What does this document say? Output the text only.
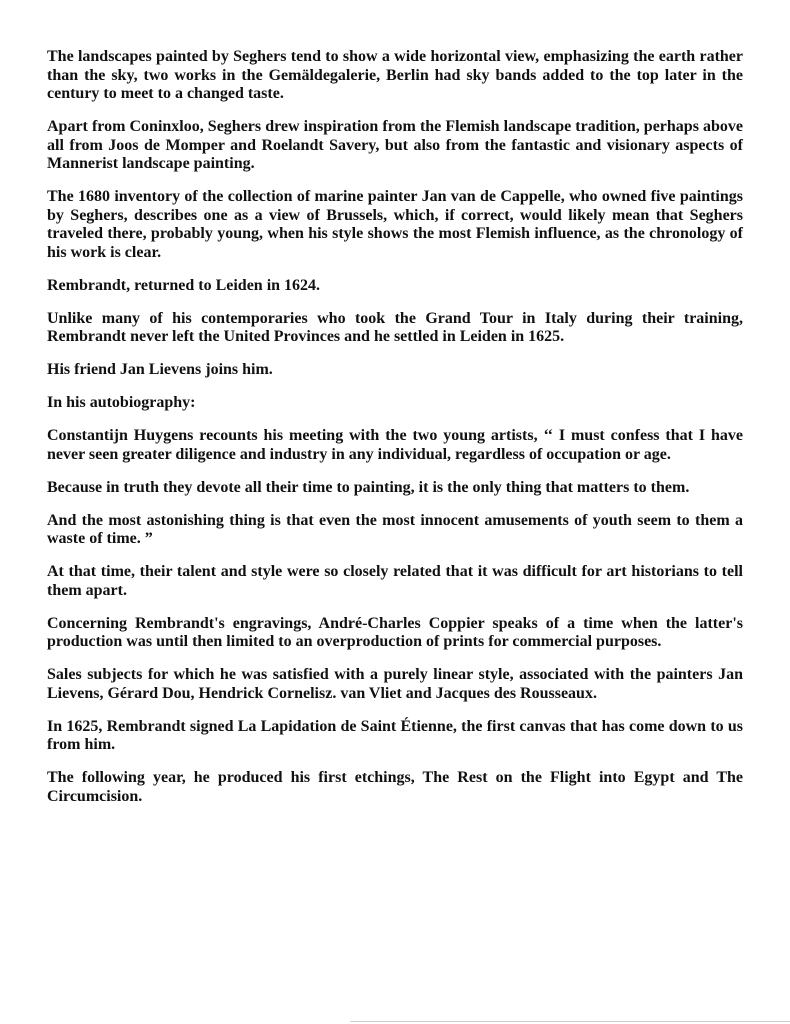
The landscapes painted by Seghers tend to show a wide horizontal view, emphasizing the earth rather than the sky, two works in the Gemäldegalerie, Berlin had sky bands added to the top later in the century to meet to a changed taste.

Apart from Coninxloo, Seghers drew inspiration from the Flemish landscape tradition, perhaps above all from Joos de Momper and Roelandt Savery, but also from the fantastic and visionary aspects of Mannerist landscape painting.

The 1680 inventory of the collection of marine painter Jan van de Cappelle, who owned five paintings by Seghers, describes one as a view of Brussels, which, if correct, would likely mean that Seghers traveled there, probably young, when his style shows the most Flemish influence, as the chronology of his work is clear.

Rembrandt, returned to Leiden in 1624.

Unlike many of his contemporaries who took the Grand Tour in Italy during their training, Rembrandt never left the United Provinces and he settled in Leiden in 1625.

His friend Jan Lievens joins him.

In his autobiography:

Constantijn Huygens recounts his meeting with the two young artists, ‘‘ I must confess that I have never seen greater diligence and industry in any individual, regardless of occupation or age.

Because in truth they devote all their time to painting, it is the only thing that matters to them.

And the most astonishing thing is that even the most innocent amusements of youth seem to them a waste of time. ”

At that time, their talent and style were so closely related that it was difficult for art historians to tell them apart.

Concerning Rembrandt's engravings, André-Charles Coppier speaks of a time when the latter's production was until then limited to an overproduction of prints for commercial purposes.

Sales subjects for which he was satisfied with a purely linear style, associated with the painters Jan Lievens, Gérard Dou, Hendrick Cornelisz. van Vliet and Jacques des Rousseaux.

In 1625, Rembrandt signed La Lapidation de Saint Étienne, the first canvas that has come down to us from him.

The following year, he produced his first etchings, The Rest on the Flight into Egypt and The Circumcision.
